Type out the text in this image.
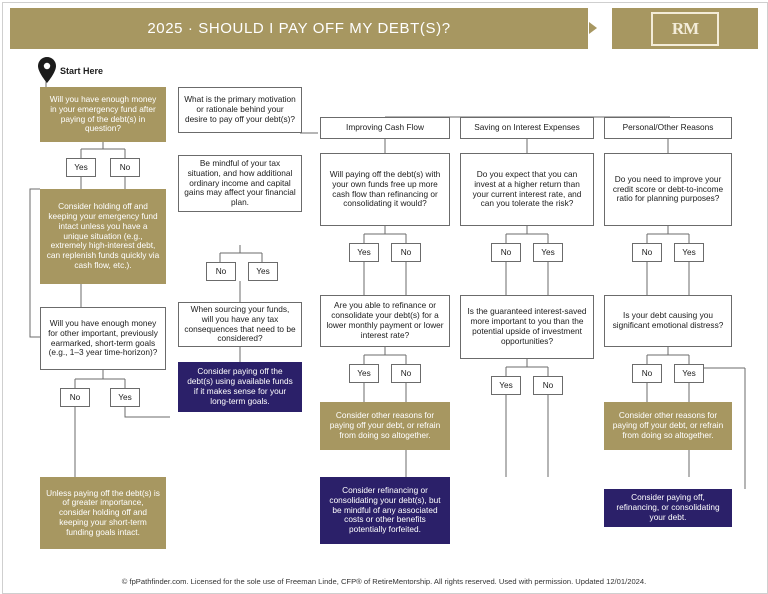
2025 · SHOULD I PAY OFF MY DEBT(S)?	RM
Start Here
Will you have enough money in your emergency fund after paying of the debt(s) in question?
Yes	No
Consider holding off and keeping your emergency fund intact unless you have a unique situation (e.g., extremely high-interest debt, can replenish funds quickly via cash flow, etc.).
Will you have enough money for other important, previously earmarked, short-term goals (e.g., 1–3 year time-horizon)?
No	Yes
Unless paying off the debt(s) is of greater importance, consider holding off and keeping your short-term funding goals intact.
What is the primary motivation or rationale behind your desire to pay off your debt(s)?
Be mindful of your tax situation, and how additional ordinary income and capital gains may affect your financial plan.
No	Yes
When sourcing your funds, will you have any tax consequences that need to be considered?
Consider paying off the debt(s) using available funds if it makes sense for your long-term goals.
Improving Cash Flow
Will paying off the debt(s) with your own funds free up more cash flow than refinancing or consolidating it would?
Yes	No
Are you able to refinance or consolidate your debt(s) for a lower monthly payment or lower interest rate?
Yes	No
Consider other reasons for paying off your debt, or refrain from doing so altogether.
Consider refinancing or consolidating your debt(s), but be mindful of any associated costs or other benefits potentially forfeited.
Saving on Interest Expenses
Do you expect that you can invest at a higher return than your current interest rate, and can you tolerate the risk?
No	Yes
Is the guaranteed interest-saved more important to you than the potential upside of investment opportunities?
Yes	No
Personal/Other Reasons
Do you need to improve your credit score or debt-to-income ratio for planning purposes?
No	Yes
Is your debt causing you significant emotional distress?
No	Yes
Consider other reasons for paying off your debt, or refrain from doing so altogether.
Consider paying off, refinancing, or consolidating your debt.
© fpPathfinder.com. Licensed for the sole use of Freeman Linde, CFP® of RetireMentorship. All rights reserved. Used with permission. Updated 12/01/2024.
